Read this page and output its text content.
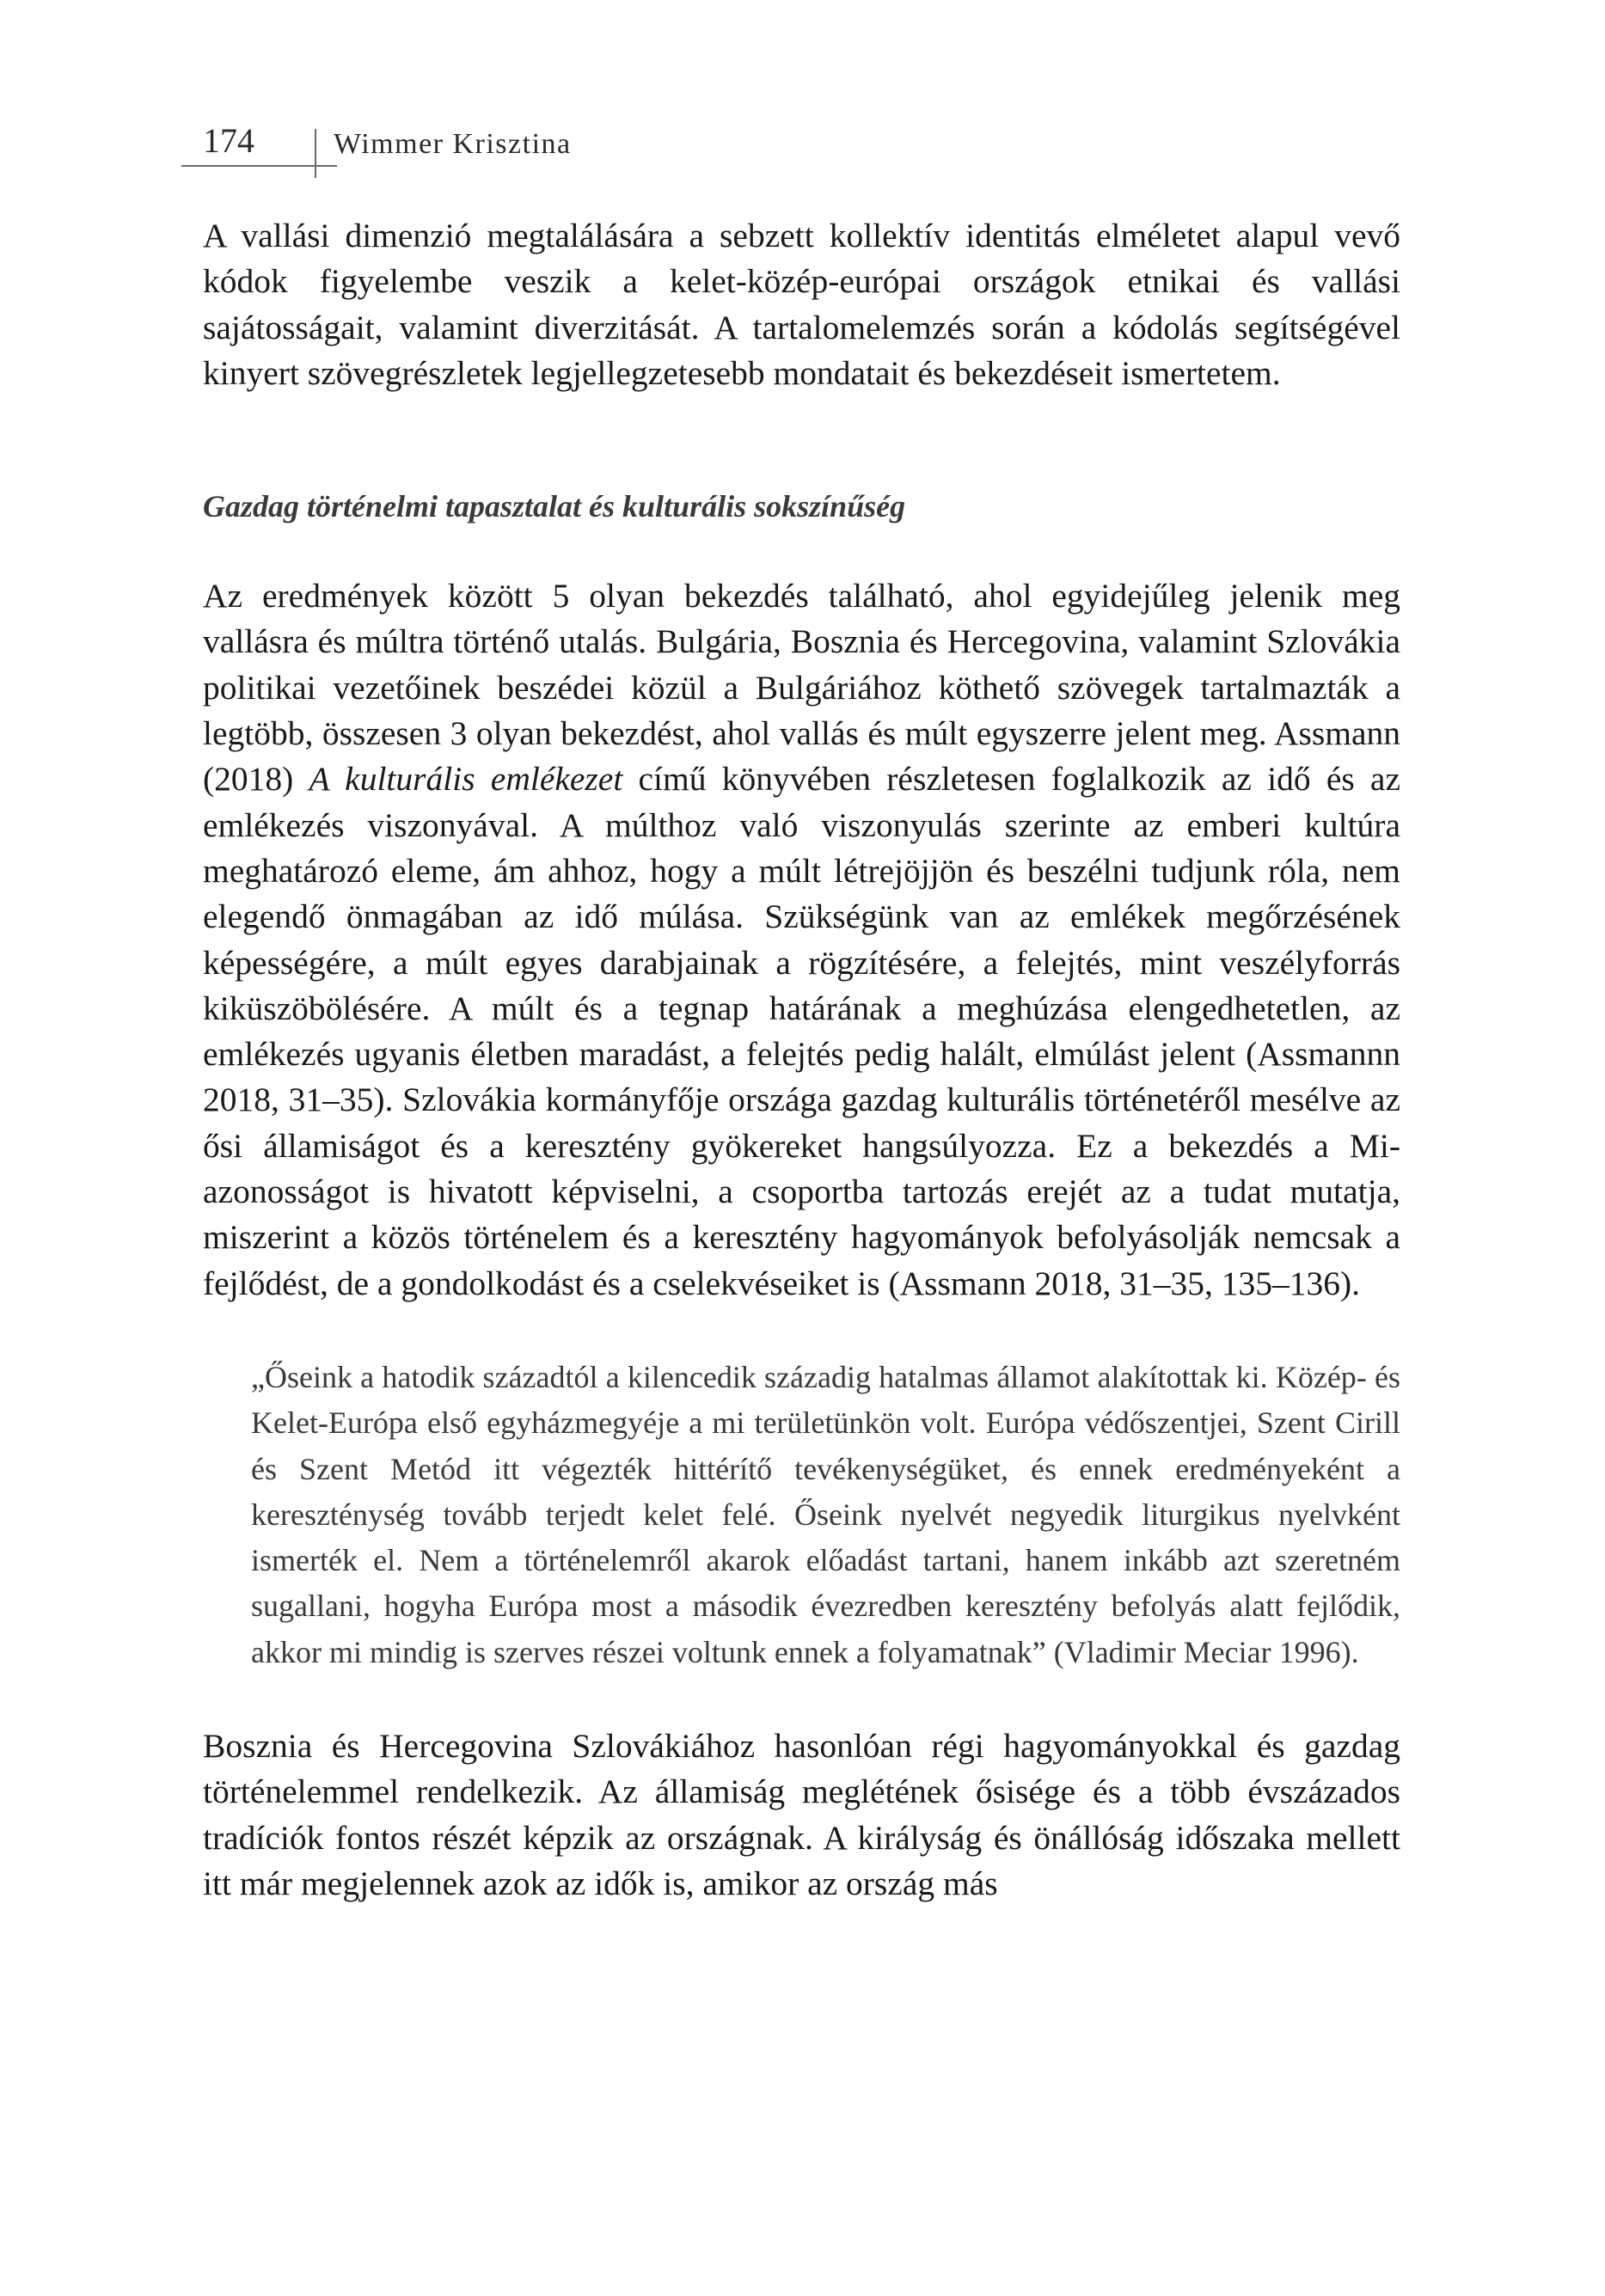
174	Wimmer Krisztina

A vallási dimenzió megtalálására a sebzett kollektív identitás elméletet alapul vevő kódok figyelembe veszik a kelet-közép-európai országok etnikai és vallási sajátosságait, valamint diverzitását. A tartalomelemzés során a kódolás segítségével kinyert szövegrészletek legjellegzetesebb mondatait és bekezdéseit ismertetem.

Gazdag történelmi tapasztalat és kulturális sokszínűség

Az eredmények között 5 olyan bekezdés található, ahol egyidejűleg jelenik meg vallásra és múltra történő utalás. Bulgária, Bosznia és Hercegovina, valamint Szlovákia politikai vezetőinek beszédei közül a Bulgáriához köthető szövegek tartalmazták a legtöbb, összesen 3 olyan bekezdést, ahol vallás és múlt egyszerre jelent meg. Assmann (2018) A kulturális emlékezet című könyvében részletesen foglalkozik az idő és az emlékezés viszonyával. A múlthoz való viszonyulás szerinte az emberi kultúra meghatározó eleme, ám ahhoz, hogy a múlt létrejöjjön és beszélni tudjunk róla, nem elegendő önmagában az idő múlása. Szükségünk van az emlékek megőrzésének képességére, a múlt egyes darabjainak a rögzítésére, a felejtés, mint veszélyforrás kiküszöbölésére. A múlt és a tegnap határának a meghúzása elengedhetetlen, az emlékezés ugyanis életben maradást, a felejtés pedig halált, elmúlást jelent (Assmannn 2018, 31–35). Szlovákia kormányfője országa gazdag kulturális történetéről mesélve az ősi államiságot és a keresztény gyökereket hangsúlyozza. Ez a bekezdés a Mi-azonosságot is hivatott képviselni, a csoportba tartozás erejét az a tudat mutatja, miszerint a közös történelem és a keresztény hagyományok befolyásolják nemcsak a fejlődést, de a gondolkodást és a cselekvéseiket is (Assmann 2018, 31–35, 135–136).

„Őseink a hatodik századtól a kilencedik századig hatalmas államot alakítottak ki. Közép- és Kelet-Európa első egyházmegyéje a mi területünkön volt. Európa védőszentjei, Szent Cirill és Szent Metód itt végezték hittérítő tevékenységüket, és ennek eredményeként a kereszténység tovább terjedt kelet felé. Őseink nyelvét negyedik liturgikus nyelvként ismerték el. Nem a történelemről akarok előadást tartani, hanem inkább azt szeretném sugallani, hogyha Európa most a második évezredben keresztény befolyás alatt fejlődik, akkor mi mindig is szerves részei voltunk ennek a folyamatnak” (Vladimir Meciar 1996).

Bosznia és Hercegovina Szlovákiához hasonlóan régi hagyományokkal és gazdag történelemmel rendelkezik. Az államiság meglétének ősisége és a több évszázados tradíciók fontos részét képzik az országnak. A királyság és önállóság időszaka mellett itt már megjelennek azok az idők is, amikor az ország más
